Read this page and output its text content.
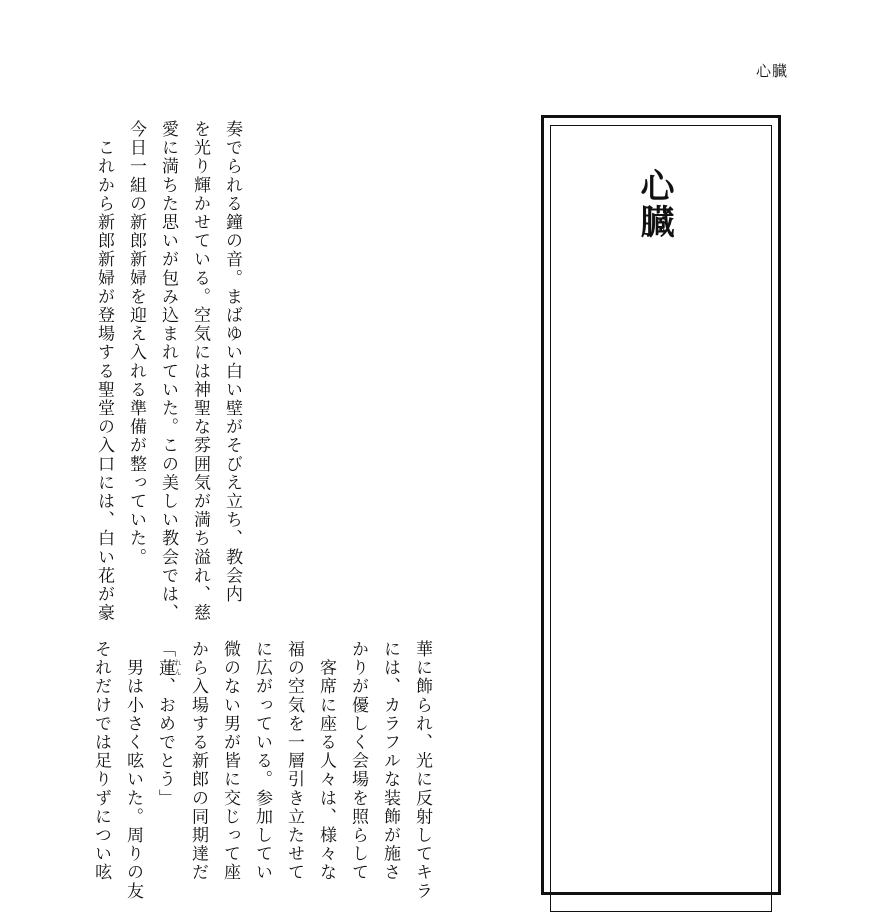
心臓
心臓
奏でられる鐘の音。まばゆい白い壁がそびえ立ち、教会内
を光り輝かせている。空気には神聖な雰囲気が満ち溢れ、慈
愛に満ちた思いが包み込まれていた。この美しい教会では、
今日一組の新郎新婦を迎え入れる準備が整っていた。
　これから新郎新婦が登場する聖堂の入口には、白い花が豪
華に飾られ、光に反射してキラ
には、カラフルな装飾が施さ
かりが優しく会場を照らして
　客席に座る人々は、様々な
福の空気を一層引き立たせて
に広がっている。参加してい
微のない男が皆に交じって座
から入場する新郎の同期達だ
「蓮 れん、おめでとう」
　男は小さく呟いた。周りの友
それだけでは足りずについ呟
